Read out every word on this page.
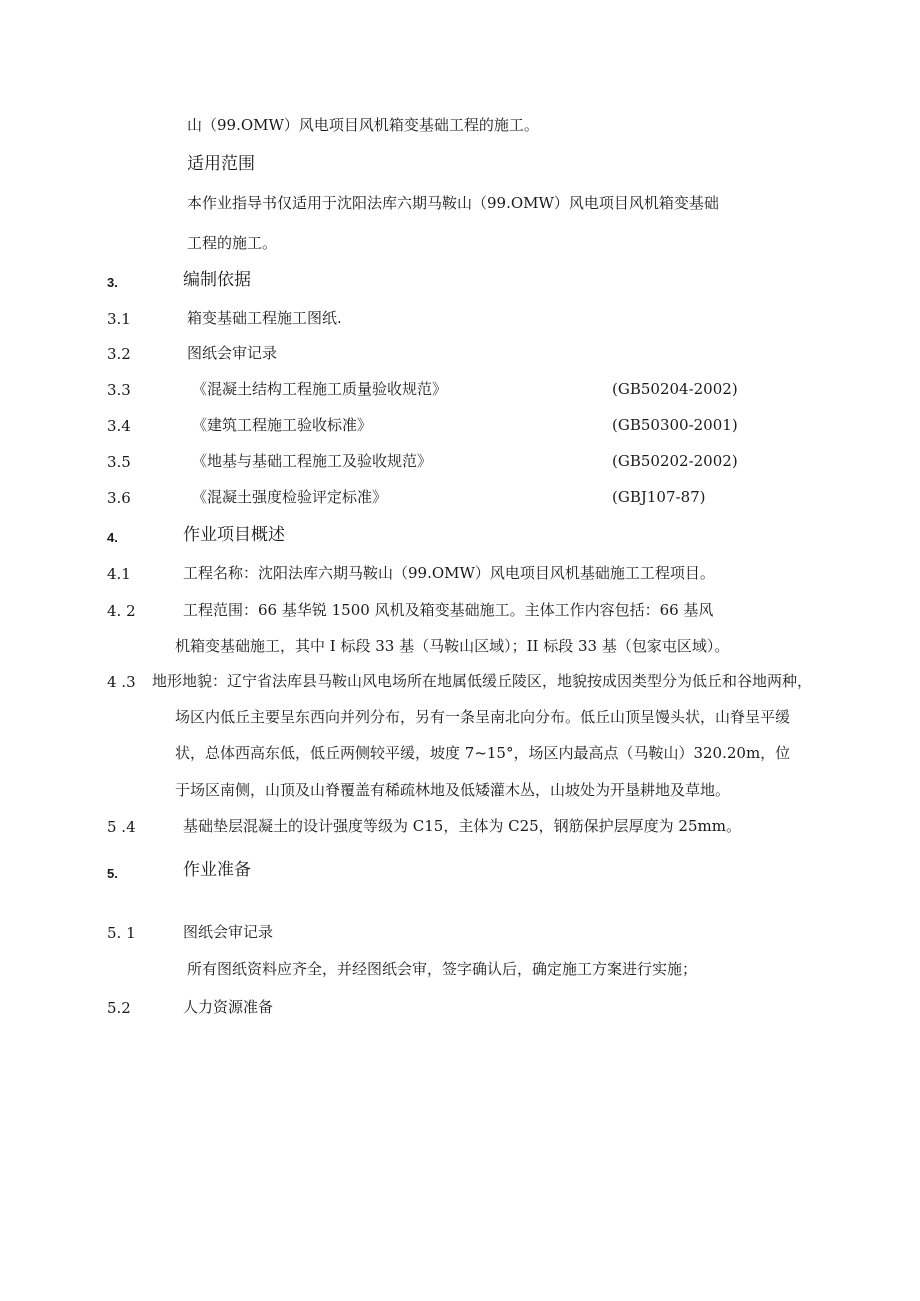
山（99.OMW）风电项目风机箱变基础工程的施工。
适用范围
本作业指导书仅适用于沈阳法库六期马鞍山（99.OMW）风电项目风机箱变基础
工程的施工。
3.	编制依据
3.1	箱变基础工程施工图纸.
3.2	图纸会审记录
3.3	《混凝土结构工程施工质量验收规范》	(GB50204-2002)
3.4	《建筑工程施工验收标准》	(GB50300-2001)
3.5	《地基与基础工程施工及验收规范》	(GB50202-2002)
3.6	《混凝土强度检验评定标准》	(GBJ107-87)
4.	作业项目概述
4.1	工程名称：沈阳法库六期马鞍山（99.OMW）风电项目风机基础施工工程项目。
4. 2	工程范围：66 基华锐 1500 风机及箱变基础施工。主体工作内容包括：66 基风
机箱变基础施工，其中 I 标段 33 基（马鞍山区域）；II 标段 33 基（包家屯区域）。
4 .3 地形地貌：辽宁省法库县马鞍山风电场所在地属低缓丘陵区，地貌按成因类型分为低丘和谷地两种，
场区内低丘主要呈东西向并列分布，另有一条呈南北向分布。低丘山顶呈馒头状，山脊呈平缓
状，总体西高东低，低丘两侧较平缓，坡度 7~15°，场区内最高点（马鞍山）320.20m，位
于场区南侧，山顶及山脊覆盖有稀疏林地及低矮灌木丛，山坡处为开垦耕地及草地。
5 .4	基础垫层混凝土的设计强度等级为 C15，主体为 C25，钢筋保护层厚度为 25mm。
5.	作业准备
5. 1	图纸会审记录
所有图纸资料应齐全，并经图纸会审，签字确认后，确定施工方案进行实施；
5.2	人力资源准备
